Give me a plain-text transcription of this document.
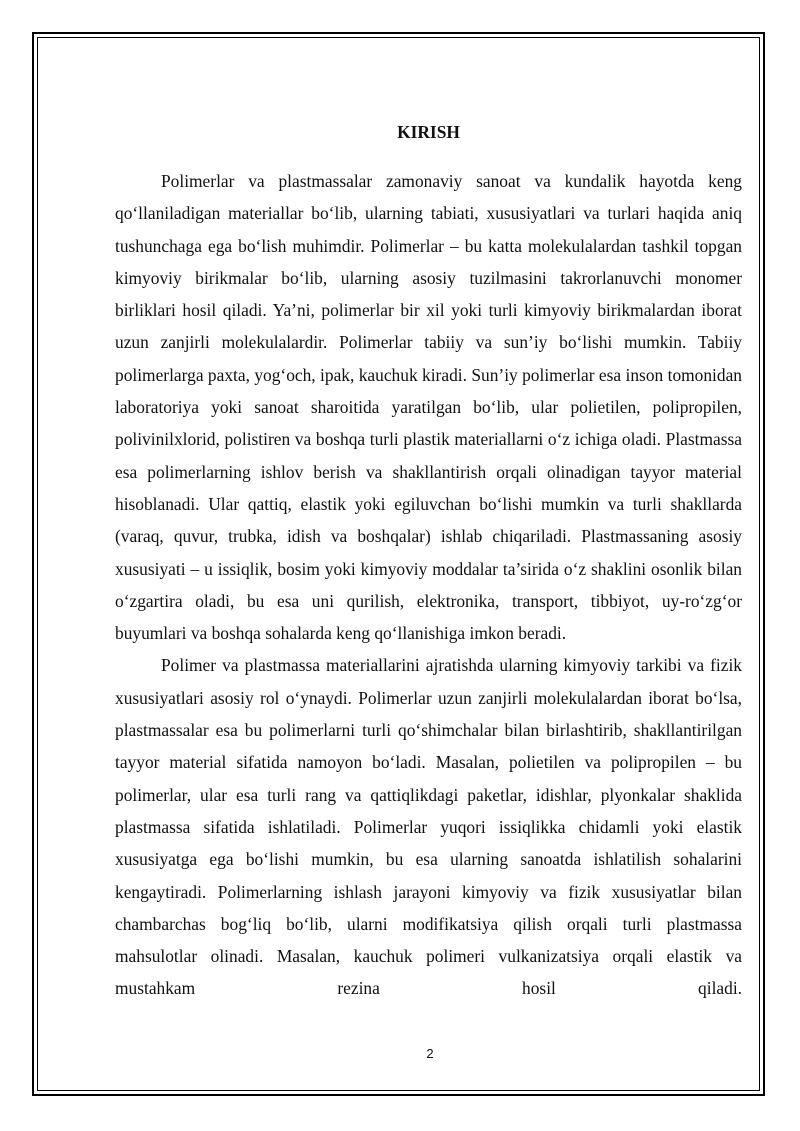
KIRISH

Polimerlar va plastmassalar zamonaviy sanoat va kundalik hayotda keng qo‘llaniladigan materiallar bo‘lib, ularning tabiati, xususiyatlari va turlari haqida aniq tushunchaga ega bo‘lish muhimdir. Polimerlar – bu katta molekulalardan tashkil topgan kimyoviy birikmalar bo‘lib, ularning asosiy tuzilmasini takrorlanuvchi monomer birliklari hosil qiladi. Ya’ni, polimerlar bir xil yoki turli kimyoviy birikmalardan iborat uzun zanjirli molekulalardir. Polimerlar tabiiy va sun’iy bo‘lishi mumkin. Tabiiy polimerlarga paxta, yog‘och, ipak, kauchuk kiradi. Sun’iy polimerlar esa inson tomonidan laboratoriya yoki sanoat sharoitida yaratilgan bo‘lib, ular polietilen, polipropilen, polivinilxlorid, polistiren va boshqa turli plastik materiallarni o‘z ichiga oladi. Plastmassa esa polimerlarning ishlov berish va shakllantirish orqali olinadigan tayyor material hisoblanadi. Ular qattiq, elastik yoki egiluvchan bo‘lishi mumkin va turli shakllarda (varaq, quvur, trubka, idish va boshqalar) ishlab chiqariladi. Plastmassaning asosiy xususiyati – u issiqlik, bosim yoki kimyoviy moddalar ta’sirida o‘z shaklini osonlik bilan o‘zgartira oladi, bu esa uni qurilish, elektronika, transport, tibbiyot, uy-ro‘zg‘or buyumlari va boshqa sohalarda keng qo‘llanishiga imkon beradi.

Polimer va plastmassa materiallarini ajratishda ularning kimyoviy tarkibi va fizik xususiyatlari asosiy rol o‘ynaydi. Polimerlar uzun zanjirli molekulalardan iborat bo‘lsa, plastmassalar esa bu polimerlarni turli qo‘shimchalar bilan birlashtirib, shakllantirilgan tayyor material sifatida namoyon bo‘ladi. Masalan, polietilen va polipropilen – bu polimerlar, ular esa turli rang va qattiqlikdagi paketlar, idishlar, plyonkalar shaklida plastmassa sifatida ishlatiladi. Polimerlar yuqori issiqlikka chidamli yoki elastik xususiyatga ega bo‘lishi mumkin, bu esa ularning sanoatda ishlatilish sohalarini kengaytiradi. Polimerlarning ishlash jarayoni kimyoviy va fizik xususiyatlar bilan chambarchas bog‘liq bo‘lib, ularni modifikatsiya qilish orqali turli plastmassa mahsulotlar olinadi. Masalan, kauchuk polimeri vulkanizatsiya orqali elastik va mustahkam rezina hosil qiladi.

2
